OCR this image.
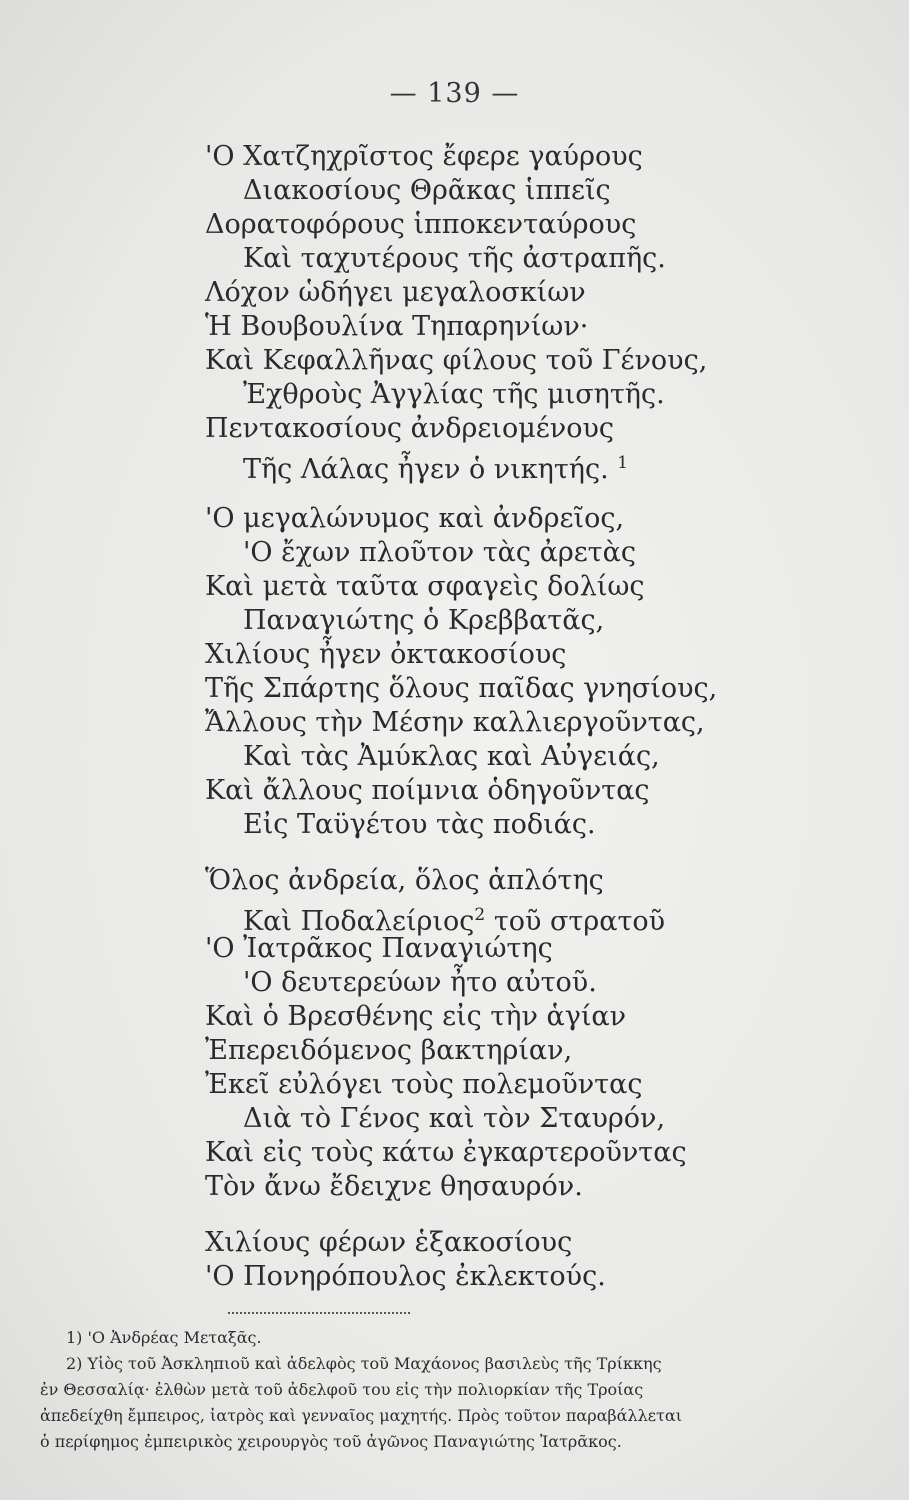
— 139 —
'Ο Χατζηχρῖστος ἔφερε γαύρους
Διακοσίους Θρᾶκας ἱππεῖς
Δορατοφόρους ἱπποκενταύρους
Καὶ ταχυτέρους τῆς ἀστραπῆς.
Λόχον ὡδήγει μεγαλοσκίων
Ἡ Βουβουλίνα Τηπαρηνίων·
Καὶ Κεφαλλῆνας φίλους τοῦ Γένους,
Ἐχθροὺς Ἀγγλίας τῆς μισητῆς.
Πεντακοσίους ἀνδρειομένους
Τῆς Λάλας ἦγεν ὁ νικητής. $^1$
'Ο μεγαλώνυμος καὶ ἀνδρεῖος,
'Ο ἔχων πλοῦτον τὰς ἀρετὰς
Καὶ μετὰ ταῦτα σφαγεὶς δολίως
Παναγιώτης ὁ Κρεββατᾶς,
Χιλίους ἦγεν ὀκτακοσίους
Τῆς Σπάρτης ὅλους παῖδας γνησίους,
Ἄλλους τὴν Μέσην καλλιεργοῦντας,
Καὶ τὰς Ἀμύκλας καὶ Αὐγειάς,
Καὶ ἄλλους ποίμνια ὁδηγοῦντας
Εἰς Ταϋγέτου τὰς ποδιάς.
Ὅλος ἀνδρεία, ὅλος ἁπλότης
Καὶ Ποδαλείριος$^2$ τοῦ στρατοῦ
'Ο Ἰατρᾶκος Παναγιώτης
'Ο δευτερεύων ἦτο αὐτοῦ.
Καὶ ὁ Βρεσθένης εἰς τὴν ἁγίαν
Ἐπερειδόμενος βακτηρίαν,
Ἐκεῖ εὐλόγει τοὺς πολεμοῦντας
Διὰ τὸ Γένος καὶ τὸν Σταυρόν,
Καὶ εἰς τοὺς κάτω ἐγκαρτεροῦντας
Τὸν ἄνω ἔδειχνε θησαυρόν.
Χιλίους φέρων ἑξακοσίους
'Ο Πονηρόπουλος ἐκλεκτούς.
1) 'Ο Ἀνδρέας Μεταξᾶς.
2) Υἱὸς τοῦ Ἀσκληπιοῦ καὶ ἀδελφὸς τοῦ Μαχάονος βασιλεὺς τῆς Τρίκκης
ἐν Θεσσαλίᾳ· ἐλθὼν μετὰ τοῦ ἀδελφοῦ του εἰς τὴν πολιορκίαν τῆς Τροίας
ἀπεδείχθη ἔμπειρος, ἰατρὸς καὶ γενναῖος μαχητής. Πρὸς τοῦτον παραβάλλεται
ὁ περίφημος ἐμπειρικὸς χειρουργὸς τοῦ ἀγῶνος Παναγιώτης Ἰατρᾶκος.
